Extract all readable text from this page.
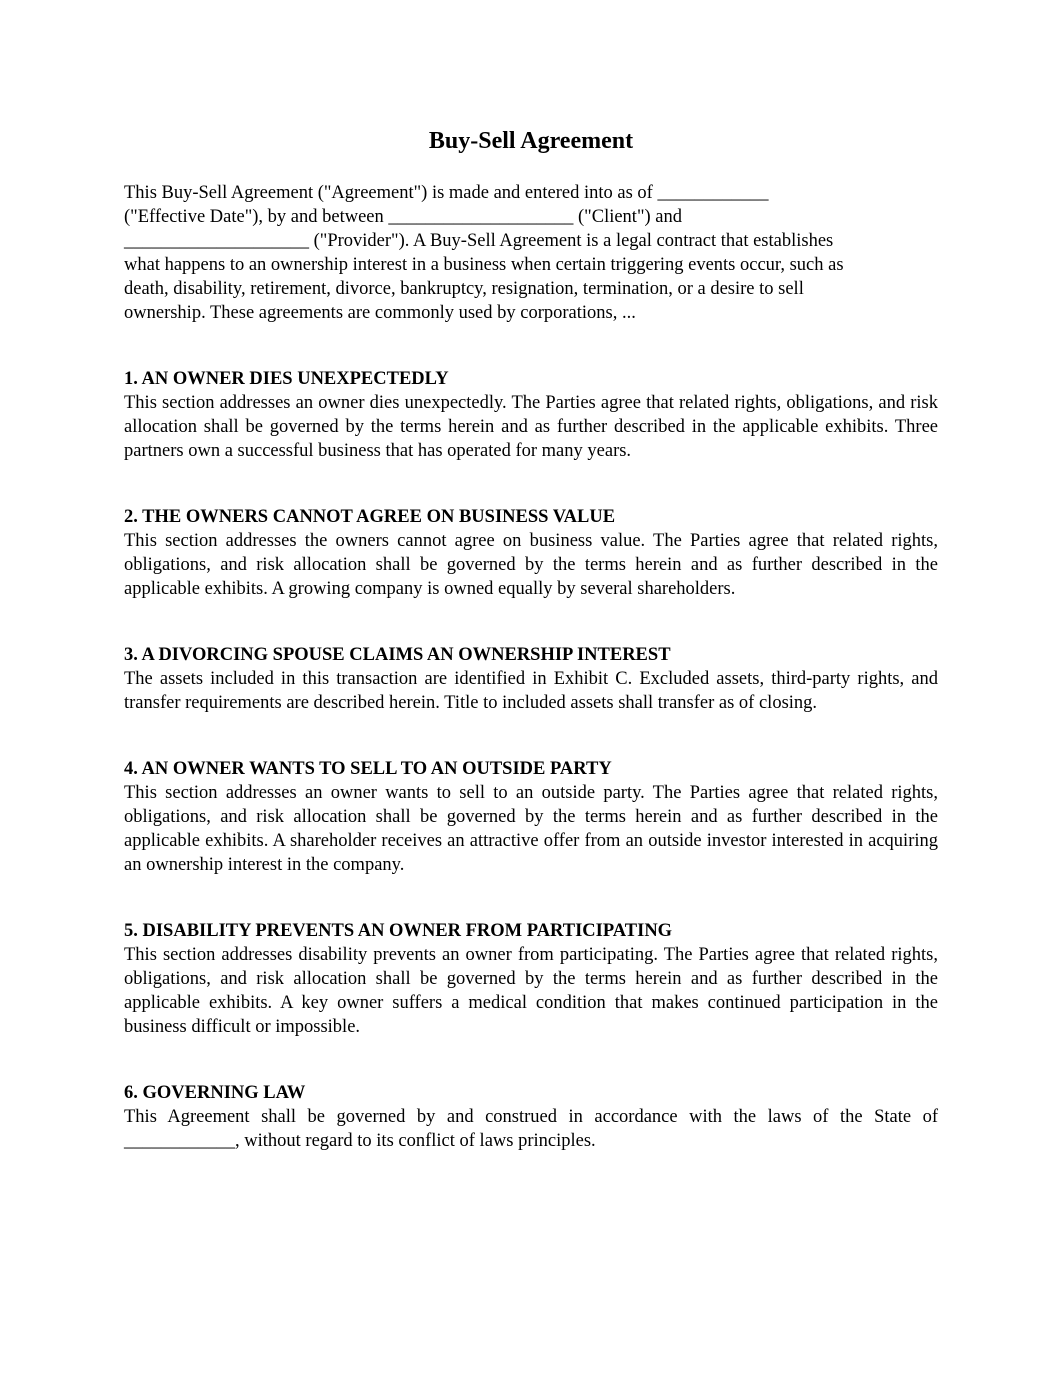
Buy-Sell Agreement

This Buy-Sell Agreement ("Agreement") is made and entered into as of ____________
("Effective Date"), by and between ____________________ ("Client") and
____________________ ("Provider"). A Buy-Sell Agreement is a legal contract that establishes
what happens to an ownership interest in a business when certain triggering events occur, such as
death, disability, retirement, divorce, bankruptcy, resignation, termination, or a desire to sell
ownership. These agreements are commonly used by corporations, ...

1. AN OWNER DIES UNEXPECTEDLY

This section addresses an owner dies unexpectedly. The Parties agree that related rights, obligations, and risk allocation shall be governed by the terms herein and as further described in the applicable exhibits. Three partners own a successful business that has operated for many years.

2. THE OWNERS CANNOT AGREE ON BUSINESS VALUE

This section addresses the owners cannot agree on business value. The Parties agree that related rights, obligations, and risk allocation shall be governed by the terms herein and as further described in the applicable exhibits. A growing company is owned equally by several shareholders.

3. A DIVORCING SPOUSE CLAIMS AN OWNERSHIP INTEREST

The assets included in this transaction are identified in Exhibit C. Excluded assets, third-party rights, and transfer requirements are described herein. Title to included assets shall transfer as of closing.

4. AN OWNER WANTS TO SELL TO AN OUTSIDE PARTY

This section addresses an owner wants to sell to an outside party. The Parties agree that related rights, obligations, and risk allocation shall be governed by the terms herein and as further described in the applicable exhibits. A shareholder receives an attractive offer from an outside investor interested in acquiring an ownership interest in the company.

5. DISABILITY PREVENTS AN OWNER FROM PARTICIPATING

This section addresses disability prevents an owner from participating. The Parties agree that related rights, obligations, and risk allocation shall be governed by the terms herein and as further described in the applicable exhibits. A key owner suffers a medical condition that makes continued participation in the business difficult or impossible.

6. GOVERNING LAW

This Agreement shall be governed by and construed in accordance with the laws of the State of ____________, without regard to its conflict of laws principles.
